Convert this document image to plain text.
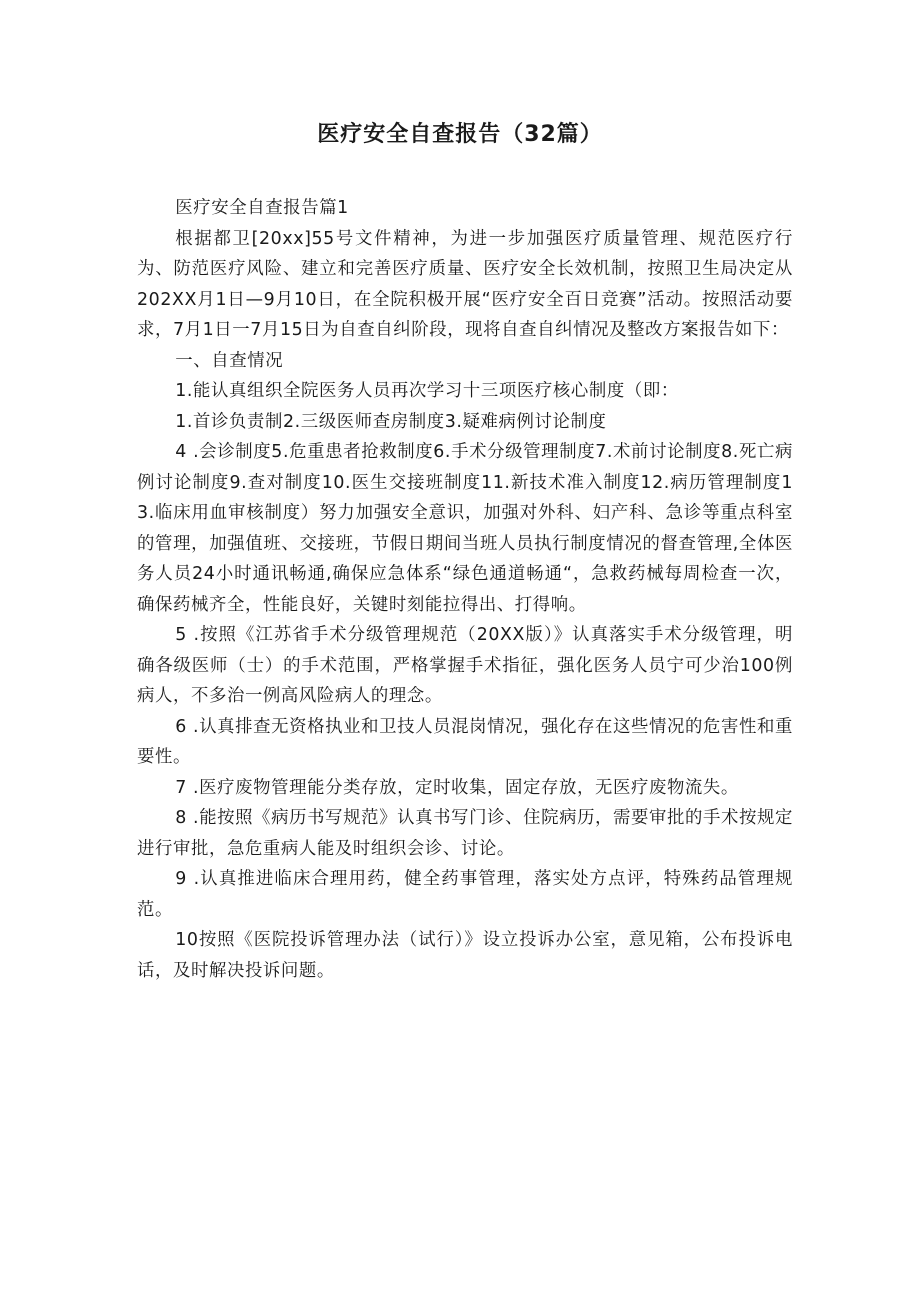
医疗安全自查报告（32篇）

医疗安全自查报告篇1

根据都卫[20xx]55号文件精神，为进一步加强医疗质量管理、规范医疗行为、防范医疗风险、建立和完善医疗质量、医疗安全长效机制，按照卫生局决定从202XX月1日—9月10日，在全院积极开展“医疗安全百日竞赛”活动。按照活动要求，7月1日一7月15日为自查自纠阶段，现将自查自纠情况及整改方案报告如下：

一、自查情况

1.能认真组织全院医务人员再次学习十三项医疗核心制度（即：

1.首诊负责制2.三级医师查房制度3.疑难病例讨论制度

4 .会诊制度5.危重患者抢救制度6.手术分级管理制度7.术前讨论制度8.死亡病例讨论制度9.查对制度10.医生交接班制度11.新技术准入制度12.病历管理制度13.临床用血审核制度）努力加强安全意识，加强对外科、妇产科、急诊等重点科室的管理，加强值班、交接班，节假日期间当班人员执行制度情况的督查管理,全体医务人员24小时通讯畅通,确保应急体系“绿色通道畅通“，急救药械每周检查一次，确保药械齐全，性能良好，关键时刻能拉得出、打得响。

5 .按照《江苏省手术分级管理规范（20XX版）》认真落实手术分级管理，明确各级医师（士）的手术范围，严格掌握手术指征，强化医务人员宁可少治100例病人，不多治一例高风险病人的理念。

6 .认真排查无资格执业和卫技人员混岗情况，强化存在这些情况的危害性和重要性。

7 .医疗废物管理能分类存放，定时收集，固定存放，无医疗废物流失。

8 .能按照《病历书写规范》认真书写门诊、住院病历，需要审批的手术按规定进行审批，急危重病人能及时组织会诊、讨论。

9 .认真推进临床合理用药，健全药事管理，落实处方点评，特殊药品管理规范。

10按照《医院投诉管理办法（试行）》设立投诉办公室，意见箱，公布投诉电话，及时解决投诉问题。
